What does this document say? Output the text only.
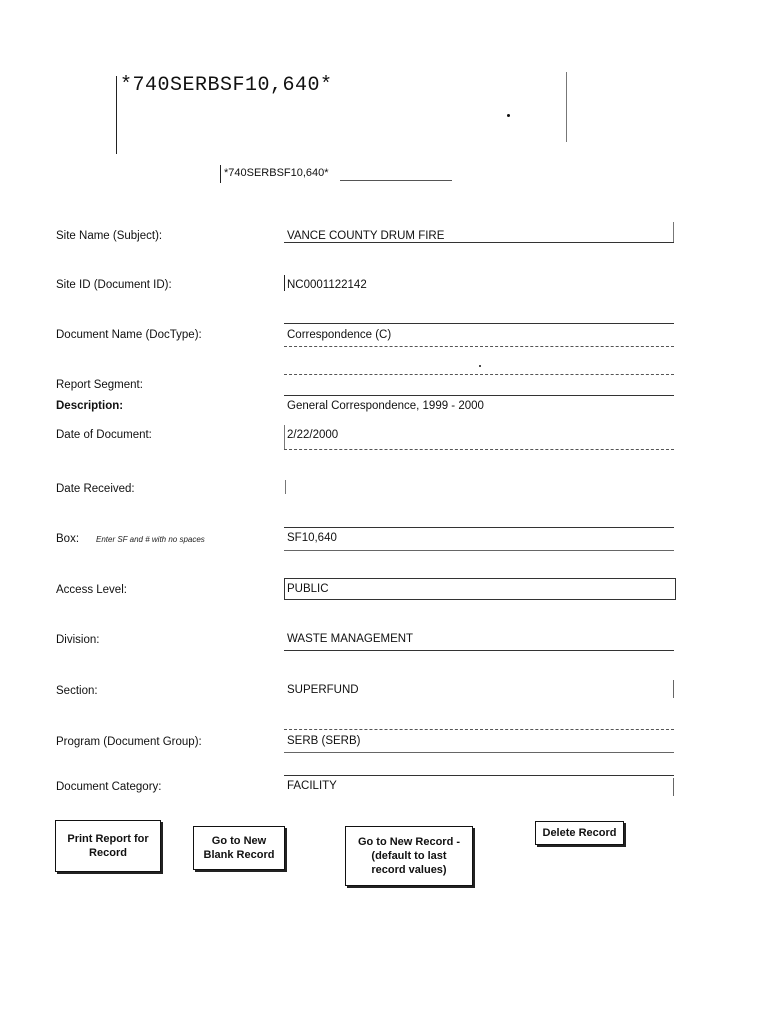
*740SERBSF10,640*
*740SERBSF10,640*
Site Name (Subject):	VANCE COUNTY DRUM FIRE
Site ID (Document ID):	NC0001122142
Document Name (DocType):	Correspondence (C)
Report Segment:
Description:	General Correspondence, 1999 - 2000
Date of Document:	2/22/2000
Date Received:
Box: Enter SF and # with no spaces	SF10,640
Access Level:	PUBLIC
Division:	WASTE MANAGEMENT
Section:	SUPERFUND
Program (Document Group):	SERB (SERB)
Document Category:	FACILITY
Print Report for
Record
Go to New
Blank Record
Go to New Record -
(default to last
record values)
Delete Record
